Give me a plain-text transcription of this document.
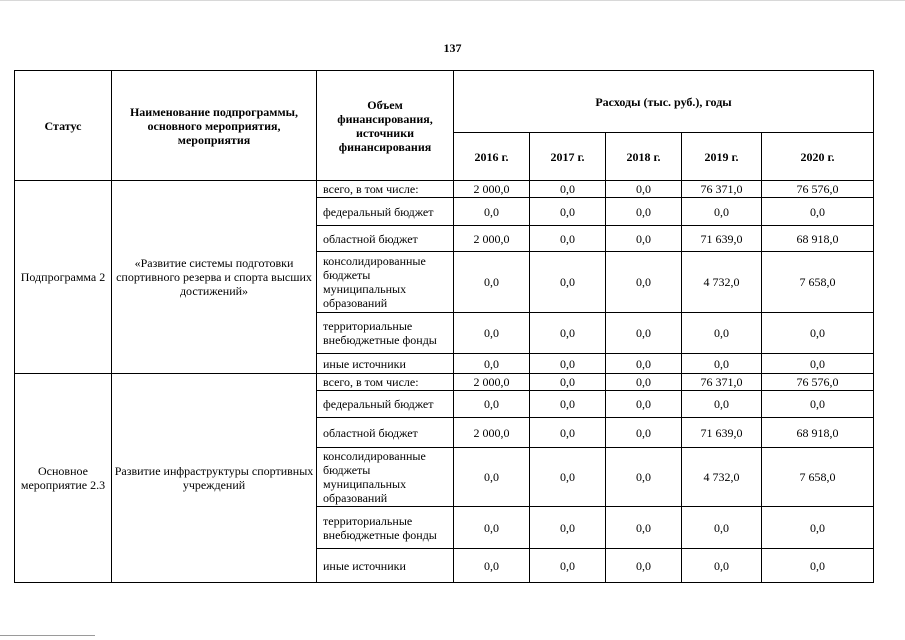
137
Статус	Наименование подпрограммы, основного мероприятия, мероприятия	Объем финансирования, источники финансирования	Расходы (тыс. руб.), годы				
			2016 г.	2017 г.	2018 г.	2019 г.	2020 г.
Подпрограмма 2	«Развитие системы подготовки спортивного резерва и спорта высших достижений»	всего, в том числе:	2 000,0	0,0	0,0	76 371,0	76 576,0
		федеральный бюджет	0,0	0,0	0,0	0,0	0,0
		областной бюджет	2 000,0	0,0	0,0	71 639,0	68 918,0
		консолидированные бюджеты муниципальных образований	0,0	0,0	0,0	4 732,0	7 658,0
		территориальные внебюджетные фонды	0,0	0,0	0,0	0,0	0,0
		иные источники	0,0	0,0	0,0	0,0	0,0
Основное мероприятие 2.3	Развитие инфраструктуры спортивных учреждений	всего, в том числе:	2 000,0	0,0	0,0	76 371,0	76 576,0
		федеральный бюджет	0,0	0,0	0,0	0,0	0,0
		областной бюджет	2 000,0	0,0	0,0	71 639,0	68 918,0
		консолидированные бюджеты муниципальных образований	0,0	0,0	0,0	4 732,0	7 658,0
		территориальные внебюджетные фонды	0,0	0,0	0,0	0,0	0,0
		иные источники	0,0	0,0	0,0	0,0	0,0
